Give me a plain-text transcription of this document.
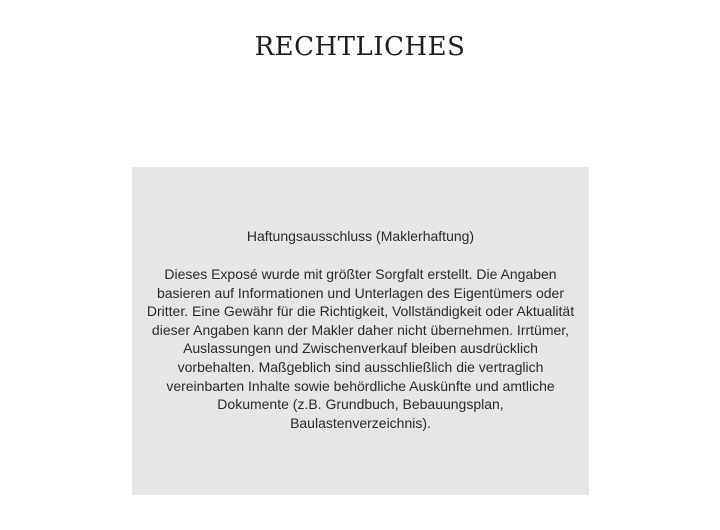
RECHTLICHES
Haftungsausschluss (Maklerhaftung)

Dieses Exposé wurde mit größter Sorgfalt erstellt. Die Angaben basieren auf Informationen und Unterlagen des Eigentümers oder Dritter. Eine Gewähr für die Richtigkeit, Vollständigkeit oder Aktualität dieser Angaben kann der Makler daher nicht übernehmen. Irrtümer, Auslassungen und Zwischenverkauf bleiben ausdrücklich vorbehalten. Maßgeblich sind ausschließlich die vertraglich vereinbarten Inhalte sowie behördliche Auskünfte und amtliche Dokumente (z.B. Grundbuch, Bebauungsplan, Baulastenverzeichnis).
